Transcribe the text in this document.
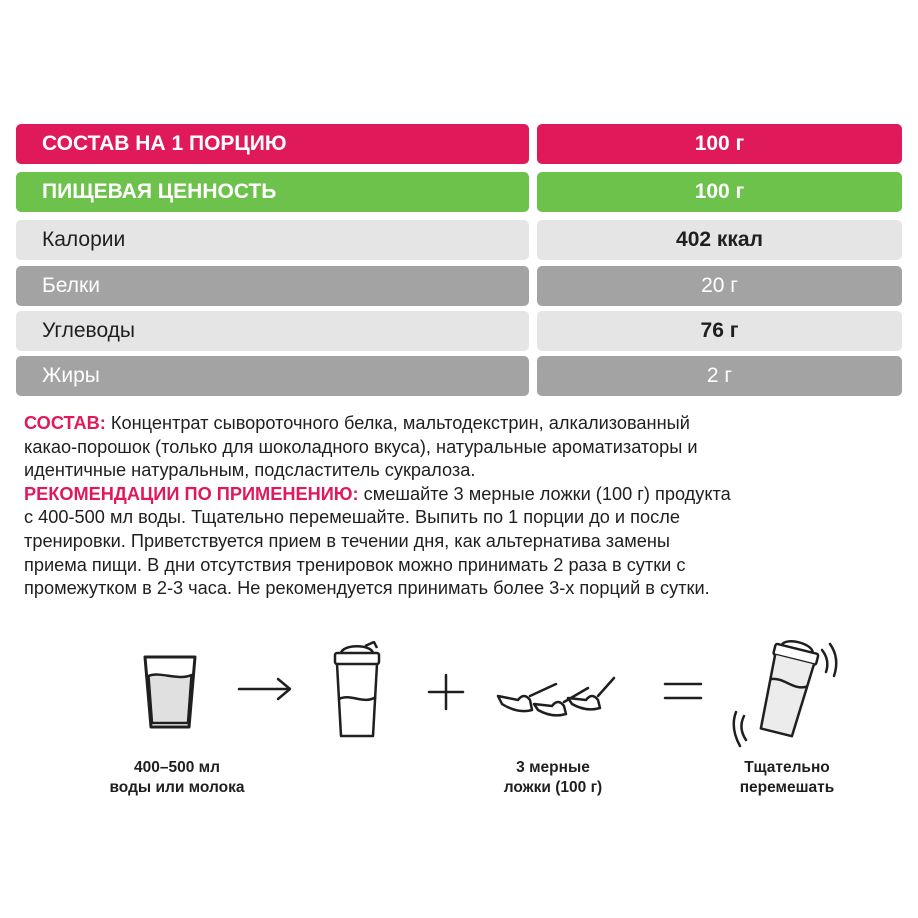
СОСТАВ НА 1 ПОРЦИЮ	100 г
ПИЩЕВАЯ ЦЕННОСТЬ	100 г
Калории	402 ккал
Белки	20 г
Углеводы	76 г
Жиры	2 г
СОСТАВ: Концентрат сывороточного белка, мальтодекстрин, алкализованный
какао-порошок (только для шоколадного вкуса), натуральные ароматизаторы и
идентичные натуральным, подсластитель сукралоза.
РЕКОМЕНДАЦИИ ПО ПРИМЕНЕНИЮ: смешайте 3 мерные ложки (100 г) продукта
с 400-500 мл воды. Тщательно перемешайте. Выпить по 1 порции до и после
тренировки. Приветствуется прием в течении дня, как альтернатива замены
приема пищи. В дни отсутствия тренировок можно принимать 2 раза в сутки с
промежутком в 2-3 часа. Не рекомендуется принимать более 3-х порций в сутки.
400–500 мл
воды или молока
3 мерные
ложки (100 г)
Тщательно
перемешать
